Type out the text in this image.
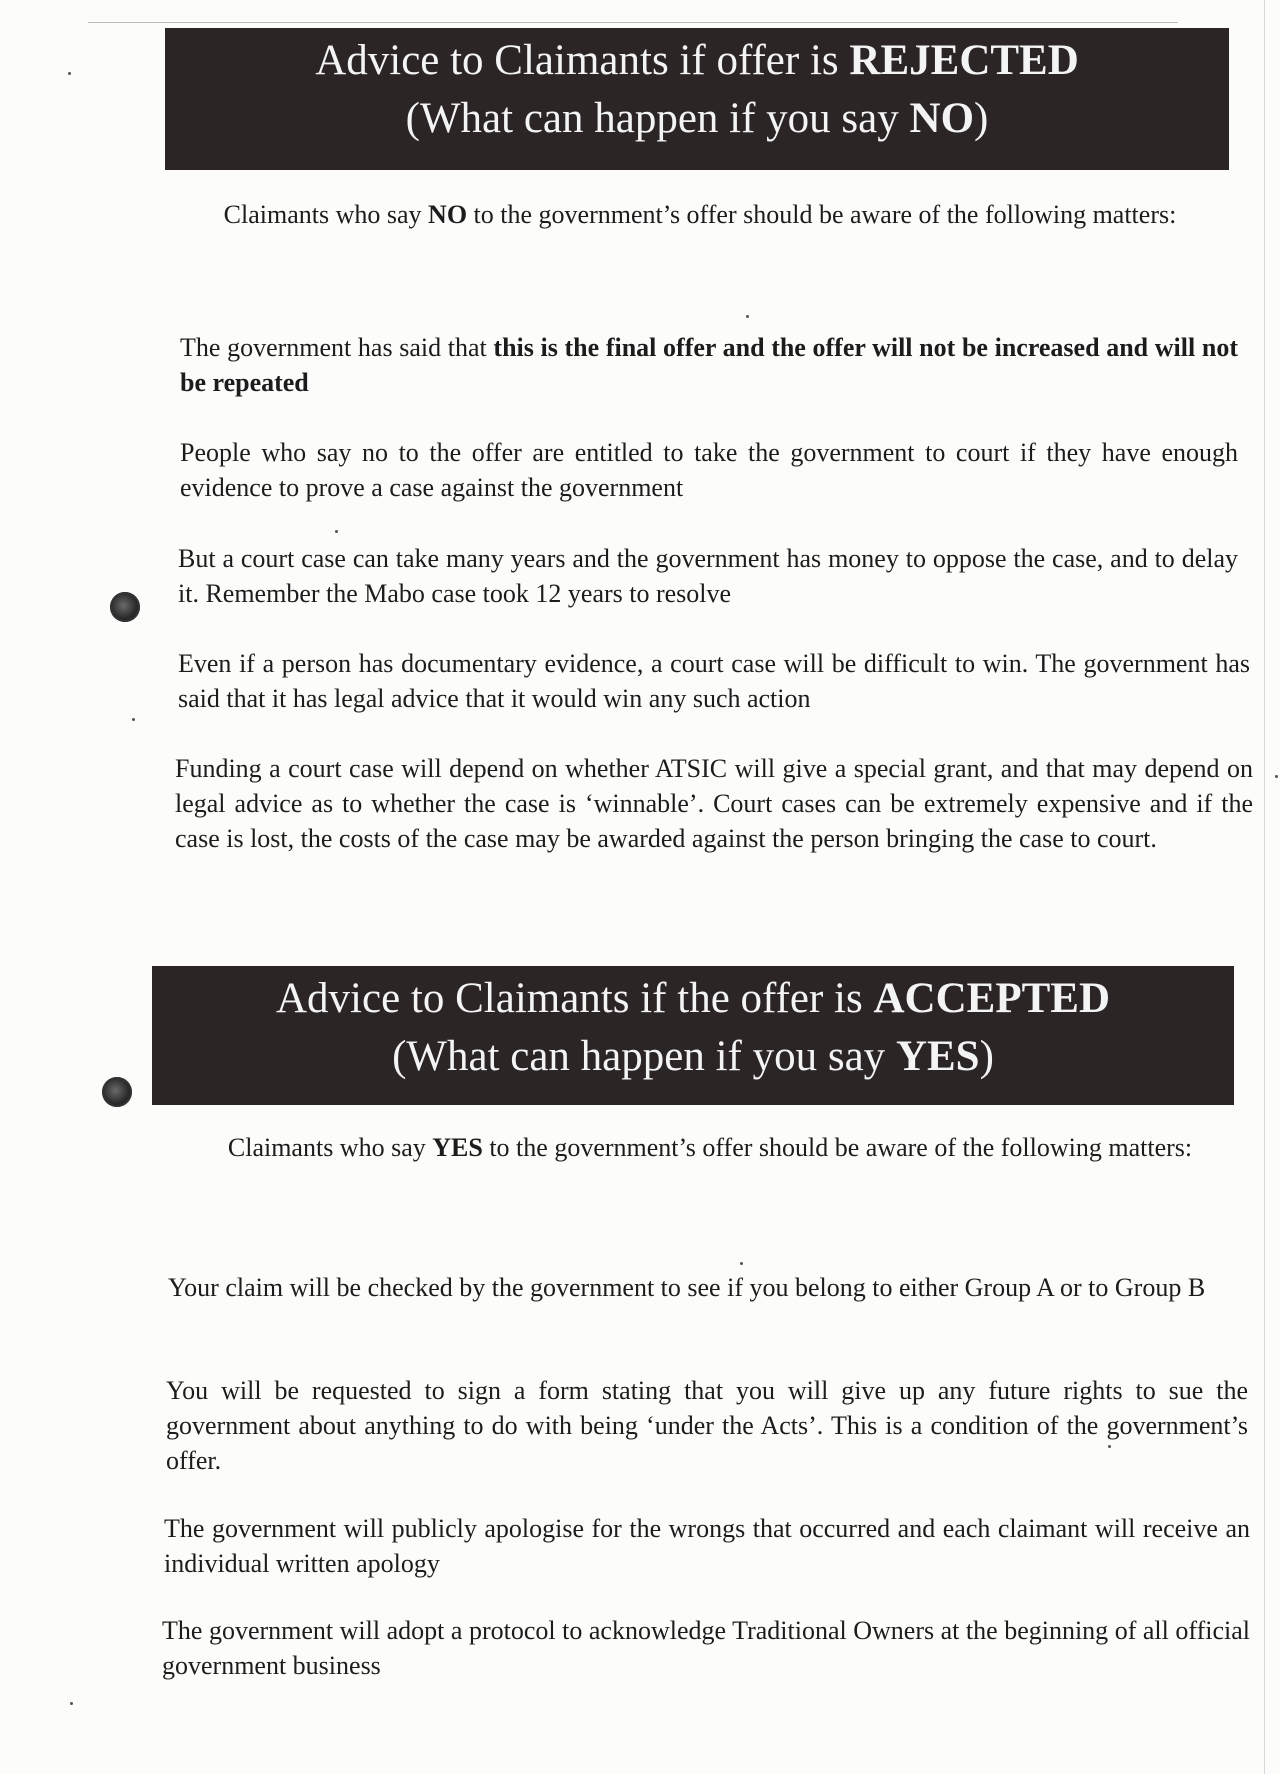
Advice to Claimants if offer is REJECTED
(What can happen if you say NO)
Claimants who say NO to the government’s offer should be aware of the following matters:
The government has said that this is the final offer and the offer will not be increased and will not be repeated
People who say no to the offer are entitled to take the government to court if they have enough evidence to prove a case against the government
But a court case can take many years and the government has money to oppose the case, and to delay it. Remember the Mabo case took 12 years to resolve
Even if a person has documentary evidence, a court case will be difficult to win. The government has said that it has legal advice that it would win any such action
Funding a court case will depend on whether ATSIC will give a special grant, and that may depend on legal advice as to whether the case is ‘winnable’. Court cases can be extremely expensive and if the case is lost, the costs of the case may be awarded against the person bringing the case to court.
Advice to Claimants if the offer is ACCEPTED
(What can happen if you say YES)
Claimants who say YES to the government’s offer should be aware of the following matters:
Your claim will be checked by the government to see if you belong to either Group A or to Group B
You will be requested to sign a form stating that you will give up any future rights to sue the government about anything to do with being ‘under the Acts’. This is a condition of the government’s offer.
The government will publicly apologise for the wrongs that occurred and each claimant will receive an individual written apology
The government will adopt a protocol to acknowledge Traditional Owners at the beginning of all official government business
